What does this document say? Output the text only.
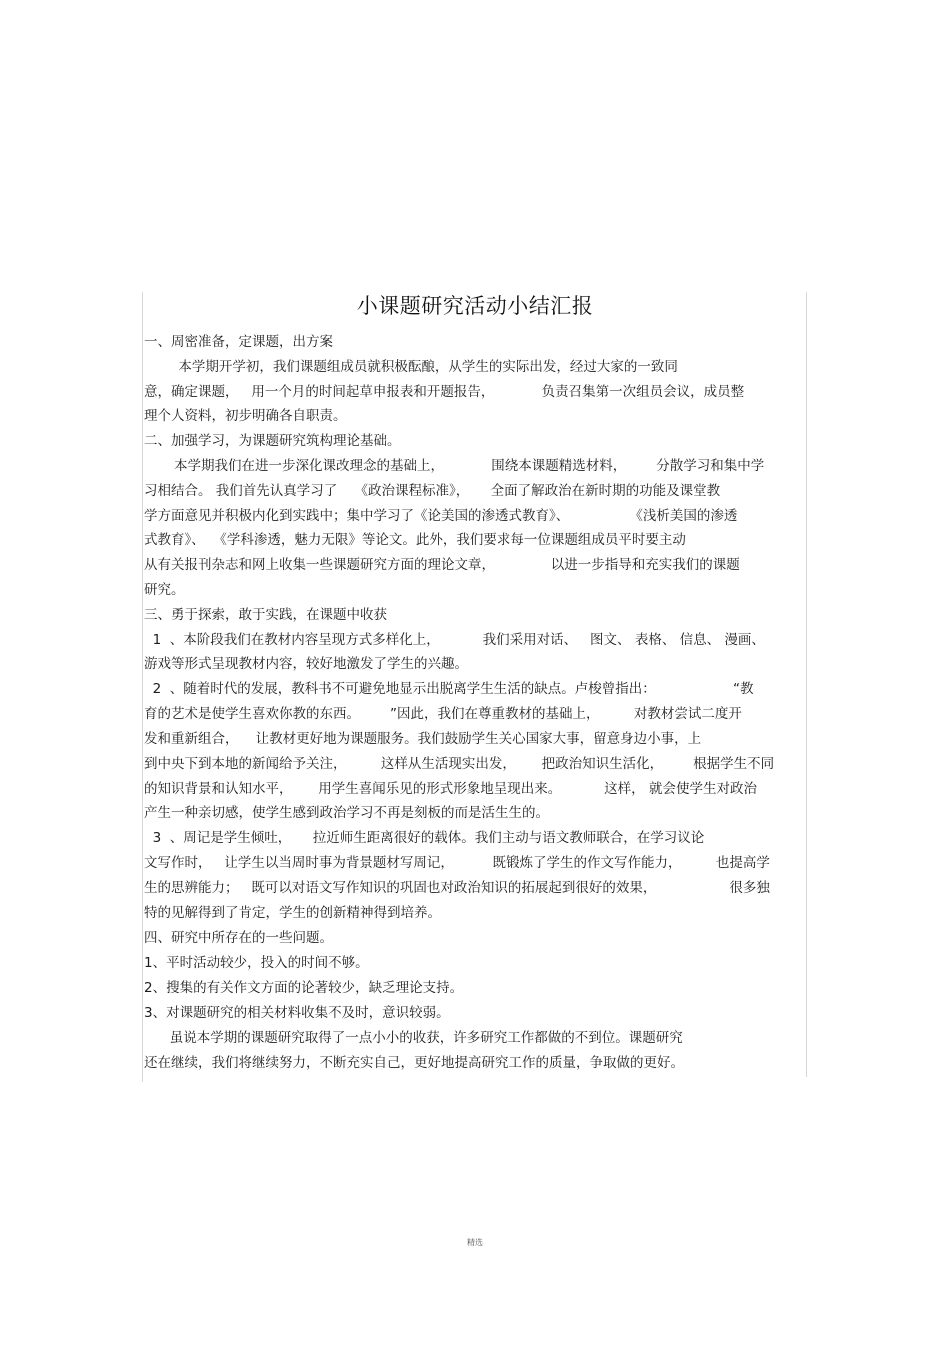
小课题研究活动小结汇报
一、周密准备，定课题，出方案
本学期开学初，我们课题组成员就积极酝酿，从学生的实际出发，经过大家的一致同
意，确定课题，   用一个月的时间起草申报表和开题报告，           负责召集第一次组员会议，成员整
理个人资料，初步明确各自职责。
二、加强学习，为课题研究筑构理论基础。
本学期我们在进一步深化课改理念的基础上，           围绕本课题精选材料，       分散学习和集中学
习相结合。 我们首先认真学习了    《政治课程标准》，     全面了解政治在新时期的功能及课堂教
学方面意见并积极内化到实践中；集中学习了《论美国的渗透式教育》、              《浅析美国的渗透
式教育》、  《学科渗透，魅力无限》等论文。此外，我们要求每一位课题组成员平时要主动
从有关报刊杂志和网上收集一些课题研究方面的理论文章，             以进一步指导和充实我们的课题
研究。
三、勇于探索，敢于实践，在课题中收获
1  、本阶段我们在教材内容呈现方式多样化上，          我们采用对话、   图文、 表格、 信息、 漫画、
游戏等形式呈现教材内容，较好地激发了学生的兴趣。
2  、随着时代的发展，教科书不可避免地显示出脱离学生生活的缺点。卢梭曾指出：                  “教
育的艺术是使学生喜欢你教的东西。       ”因此，我们在尊重教材的基础上，        对教材尝试二度开
发和重新组合，    让教材更好地为课题服务。我们鼓励学生关心国家大事，留意身边小事，上
到中央下到本地的新闻给予关注，        这样从生活现实出发，      把政治知识生活化，       根据学生不同
的知识背景和认知水平，      用学生喜闻乐见的形式形象地呈现出来。          这样， 就会使学生对政治
产生一种亲切感，使学生感到政治学习不再是刻板的而是活生生的。
3  、周记是学生倾吐，     拉近师生距离很好的载体。我们主动与语文教师联合，在学习议论
文写作时，   让学生以当周时事为背景题材写周记，         既锻炼了学生的作文写作能力，        也提高学
生的思辨能力；   既可以对语文写作知识的巩固也对政治知识的拓展起到很好的效果，                 很多独
特的见解得到了肯定，学生的创新精神得到培养。
四、研究中所存在的一些问题。
1、平时活动较少，投入的时间不够。
2、搜集的有关作文方面的论著较少，缺乏理论支持。
3、对课题研究的相关材料收集不及时，意识较弱。
虽说本学期的课题研究取得了一点小小的收获，许多研究工作都做的不到位。课题研究
还在继续，我们将继续努力，不断充实自己，更好地提高研究工作的质量，争取做的更好。
精选
